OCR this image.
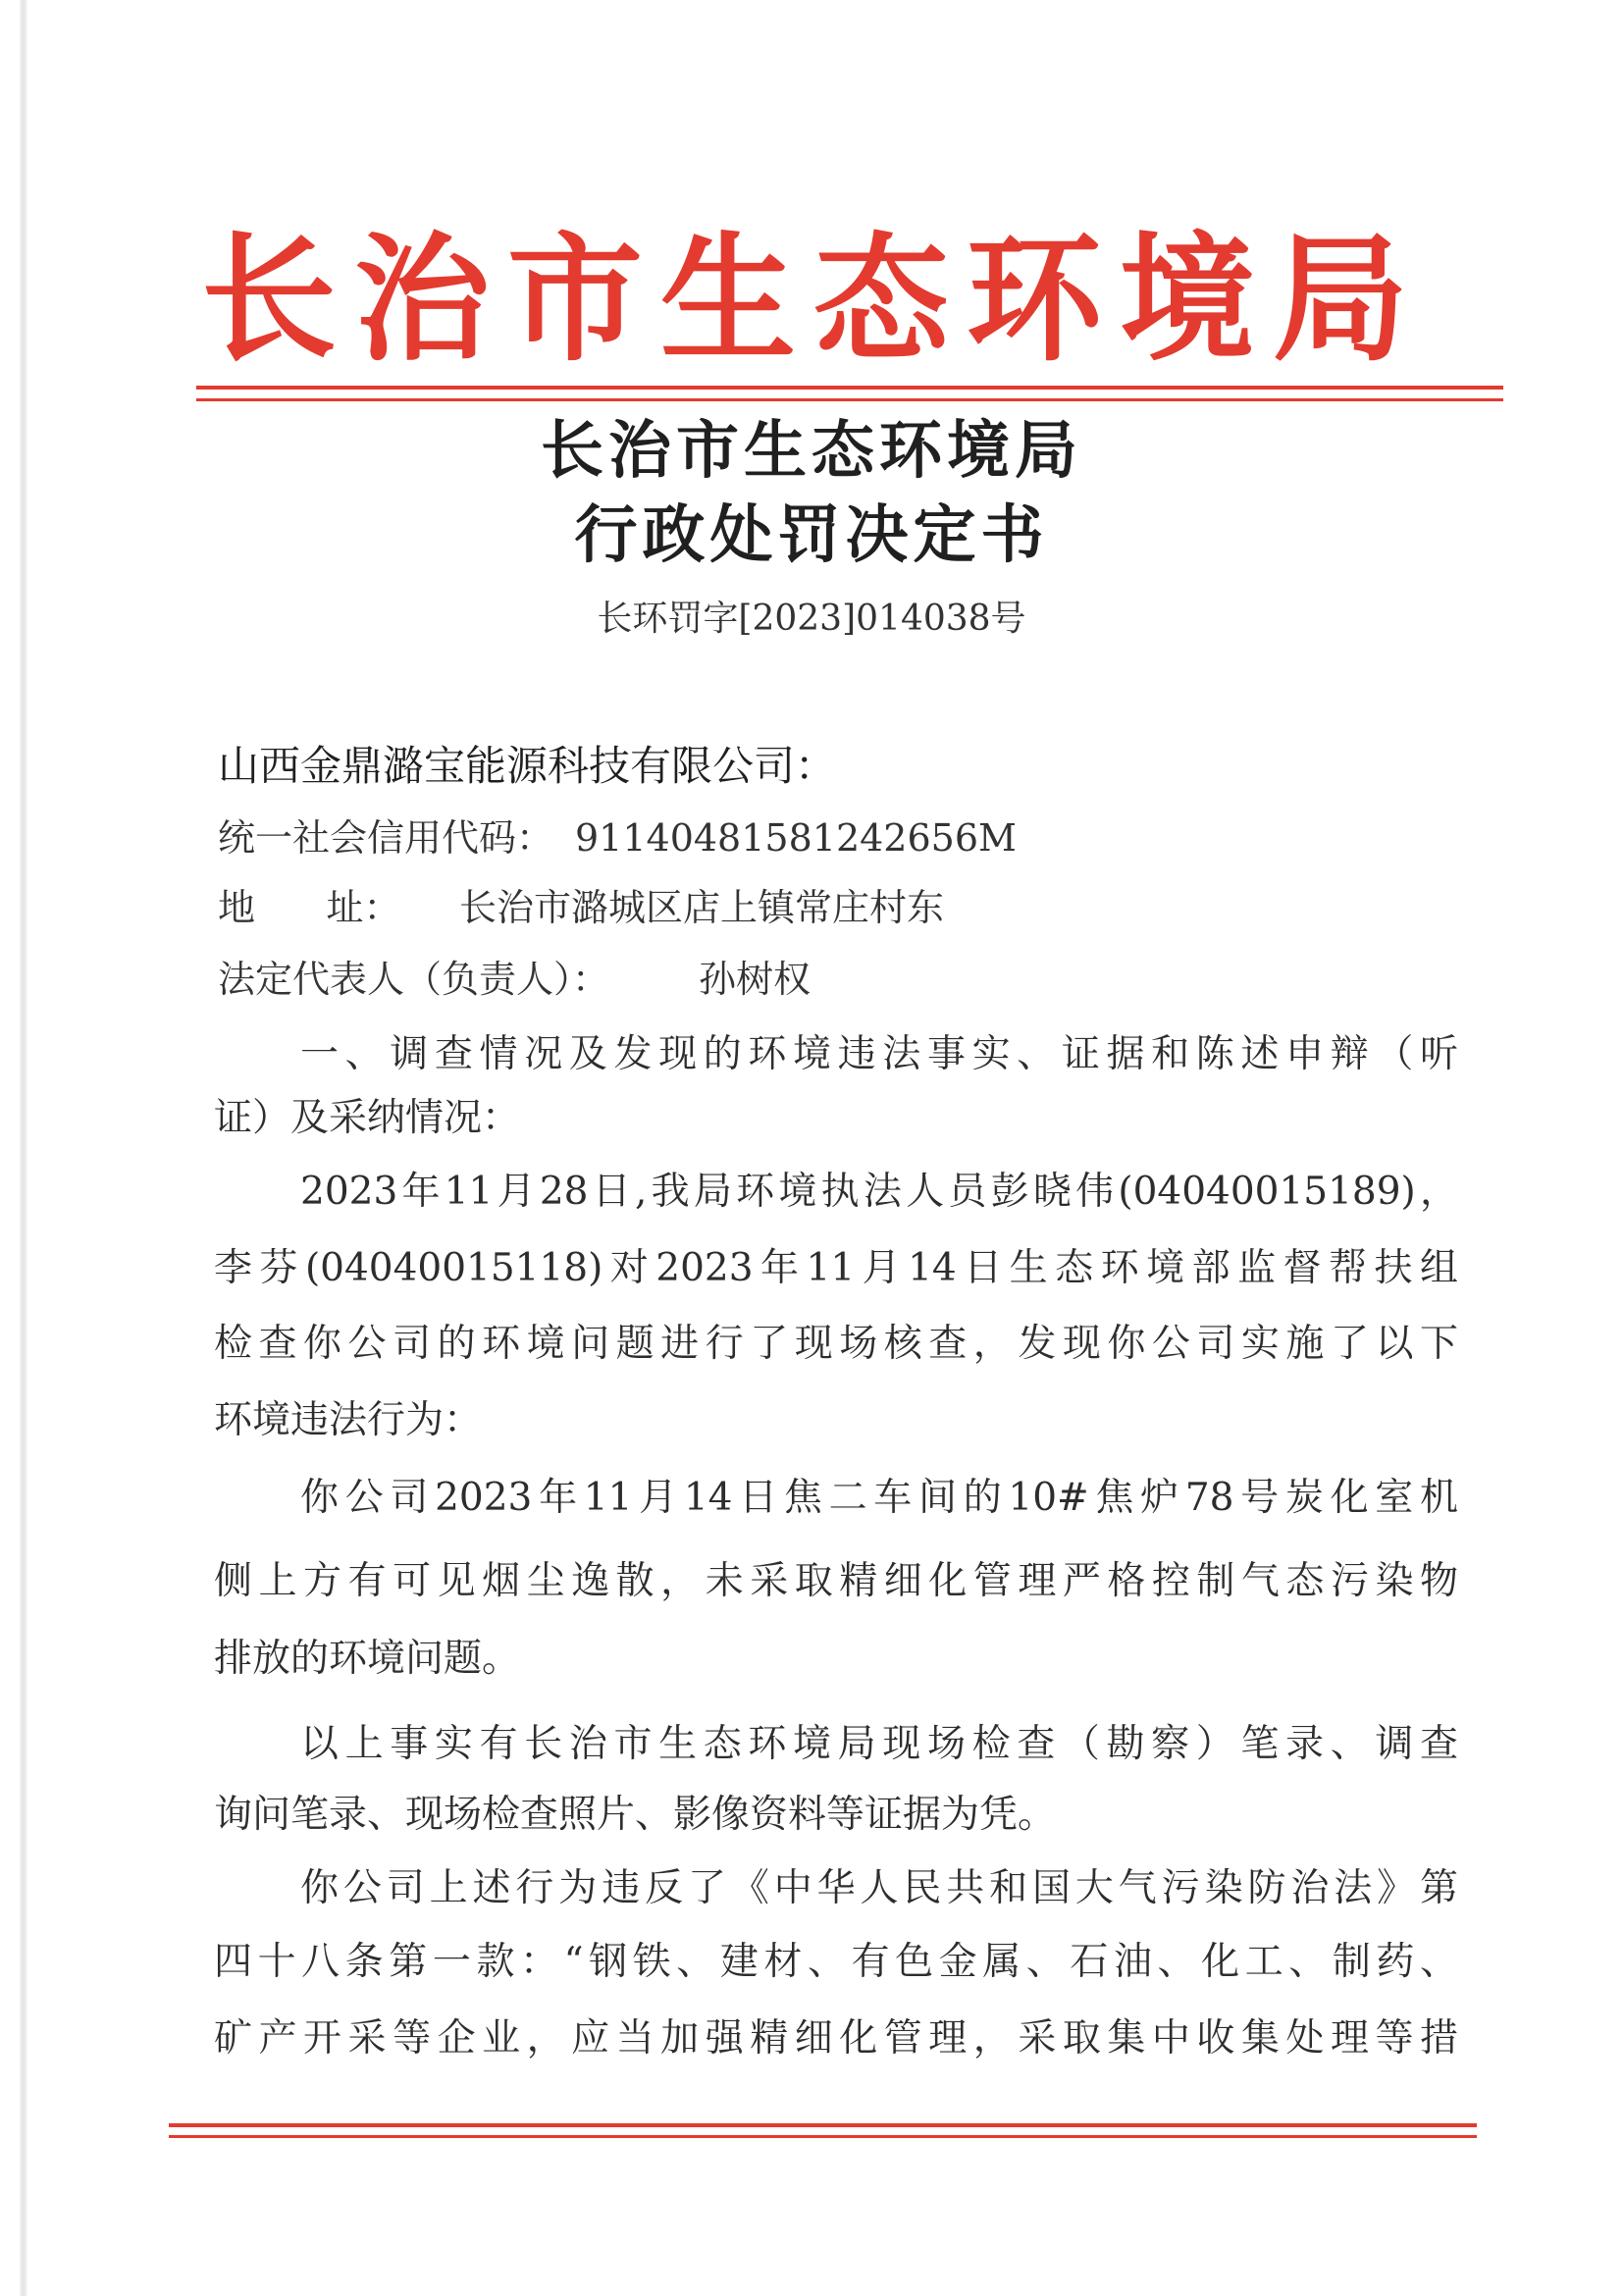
长 治 市 生 态 环 境 局
长治市生态环境局
行政处罚决定书
长环罚字[2023]014038号
山西金鼎潞宝能源科技有限公司：
统一社会信用代码： 91140481581242656M
地      址：	长治市潞城区店上镇常庄村东
法定代表人（负责人）： 孙树权
一、调查情况及发现的环境违法事实、证据和陈述申辩（听
证）及采纳情况：
2023年11月28日,我局环境执法人员彭晓伟(04040015189)，
李芬(04040015118)对2023年11月14日生态环境部监督帮扶组
检查你公司的环境问题进行了现场核查，发现你公司实施了以下
环境违法行为：
你公司2023年11月14日焦二车间的10#焦炉78号炭化室机
侧上方有可见烟尘逸散，未采取精细化管理严格控制气态污染物
排放的环境问题。
以上事实有长治市生态环境局现场检查（勘察）笔录、调查
询问笔录、现场检查照片、影像资料等证据为凭。
你公司上述行为违反了《中华人民共和国大气污染防治法》第
四十八条第一款：“钢铁、建材、有色金属、石油、化工、制药、
矿产开采等企业，应当加强精细化管理，采取集中收集处理等措
